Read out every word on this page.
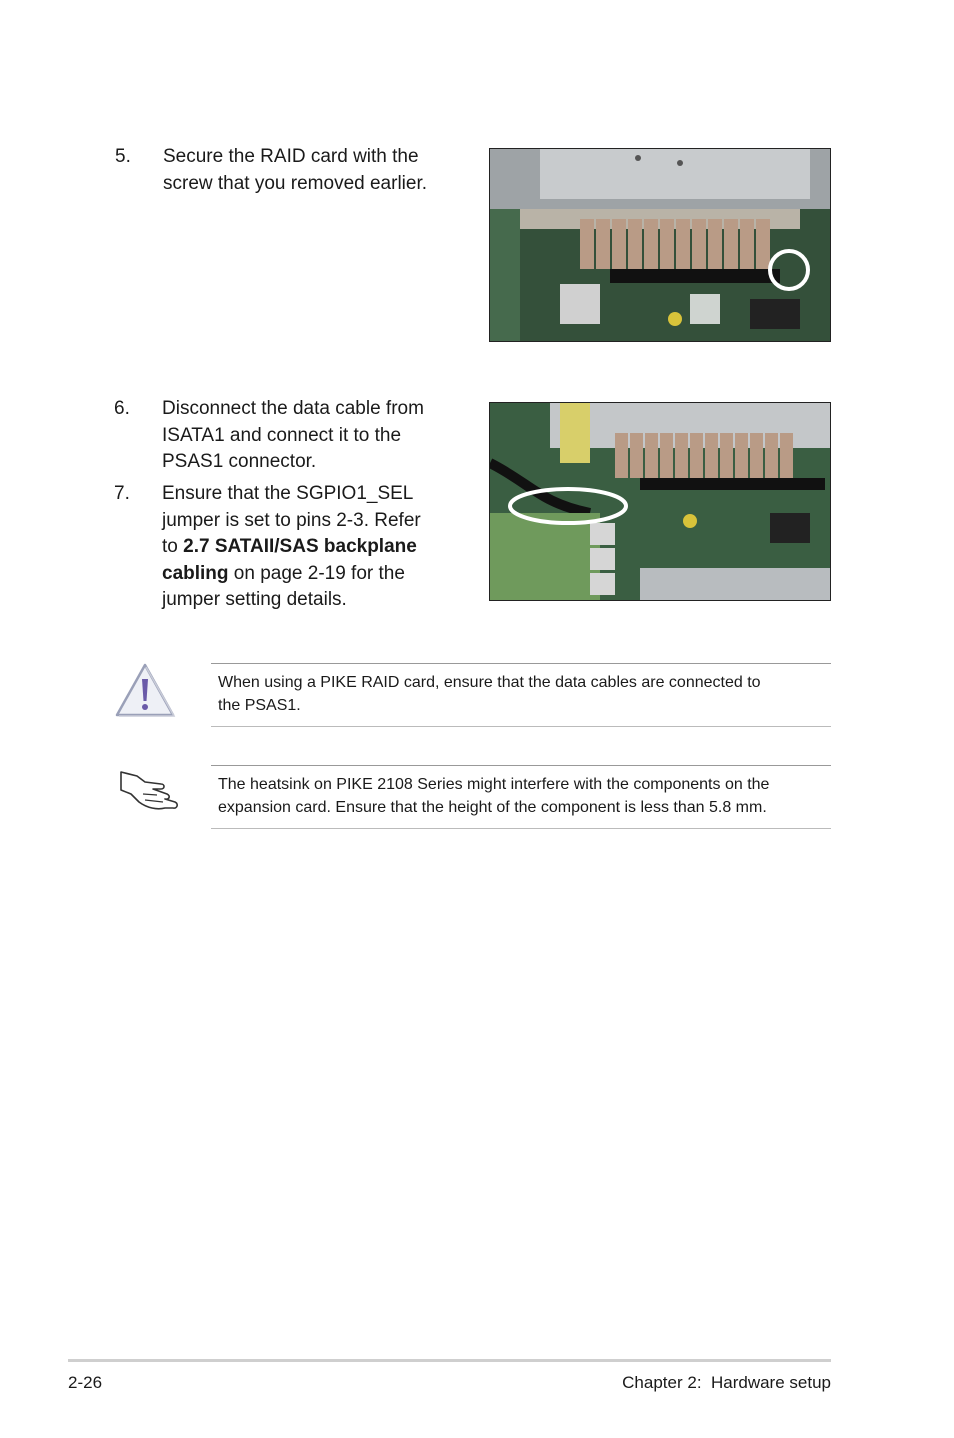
5. Secure the RAID card with the
screw that you removed earlier.
6. Disconnect the data cable from
ISATA1 and connect it to the
PSAS1 connector.
7. Ensure that the SGPIO1_SEL
jumper is set to pins 2-3. Refer
to 2.7 SATAII/SAS backplane
cabling on page 2-19 for the
jumper setting details.
When using a PIKE RAID card, ensure that the data cables are connected to
the PSAS1.
The heatsink on PIKE 2108 Series might interfere with the components on the
expansion card. Ensure that the height of the component is less than 5.8 mm.
2-26	Chapter 2:  Hardware setup
